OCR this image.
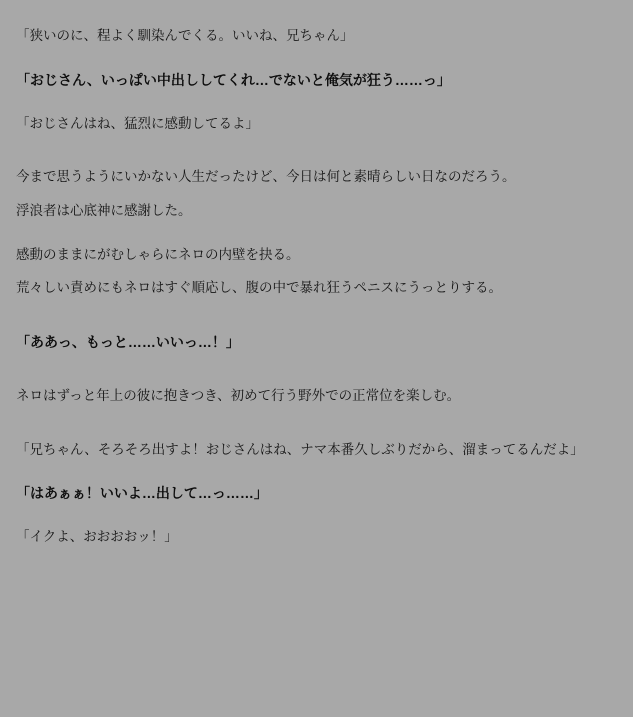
「狭いのに、程よく馴染んでくる。いいね、兄ちゃん」

「おじさん、いっぱい中出ししてくれ…でないと俺気が狂う……っ」

「おじさんはね、猛烈に感動してるよ」

今まで思うようにいかない人生だったけど、今日は何と素晴らしい日なのだろう。

浮浪者は心底神に感謝した。

感動のままにがむしゃらにネロの内壁を抉る。

荒々しい責めにもネロはすぐ順応し、腹の中で暴れ狂うペニスにうっとりする。

「ああっ、もっと……いいっ…！」

ネロはずっと年上の彼に抱きつき、初めて行う野外での正常位を楽しむ。

「兄ちゃん、そろそろ出すよ！おじさんはね、ナマ本番久しぶりだから、溜まってるんだよ」

「はあぁぁ！いいよ…出して…っ……」

「イクよ、おおおおッ！」
